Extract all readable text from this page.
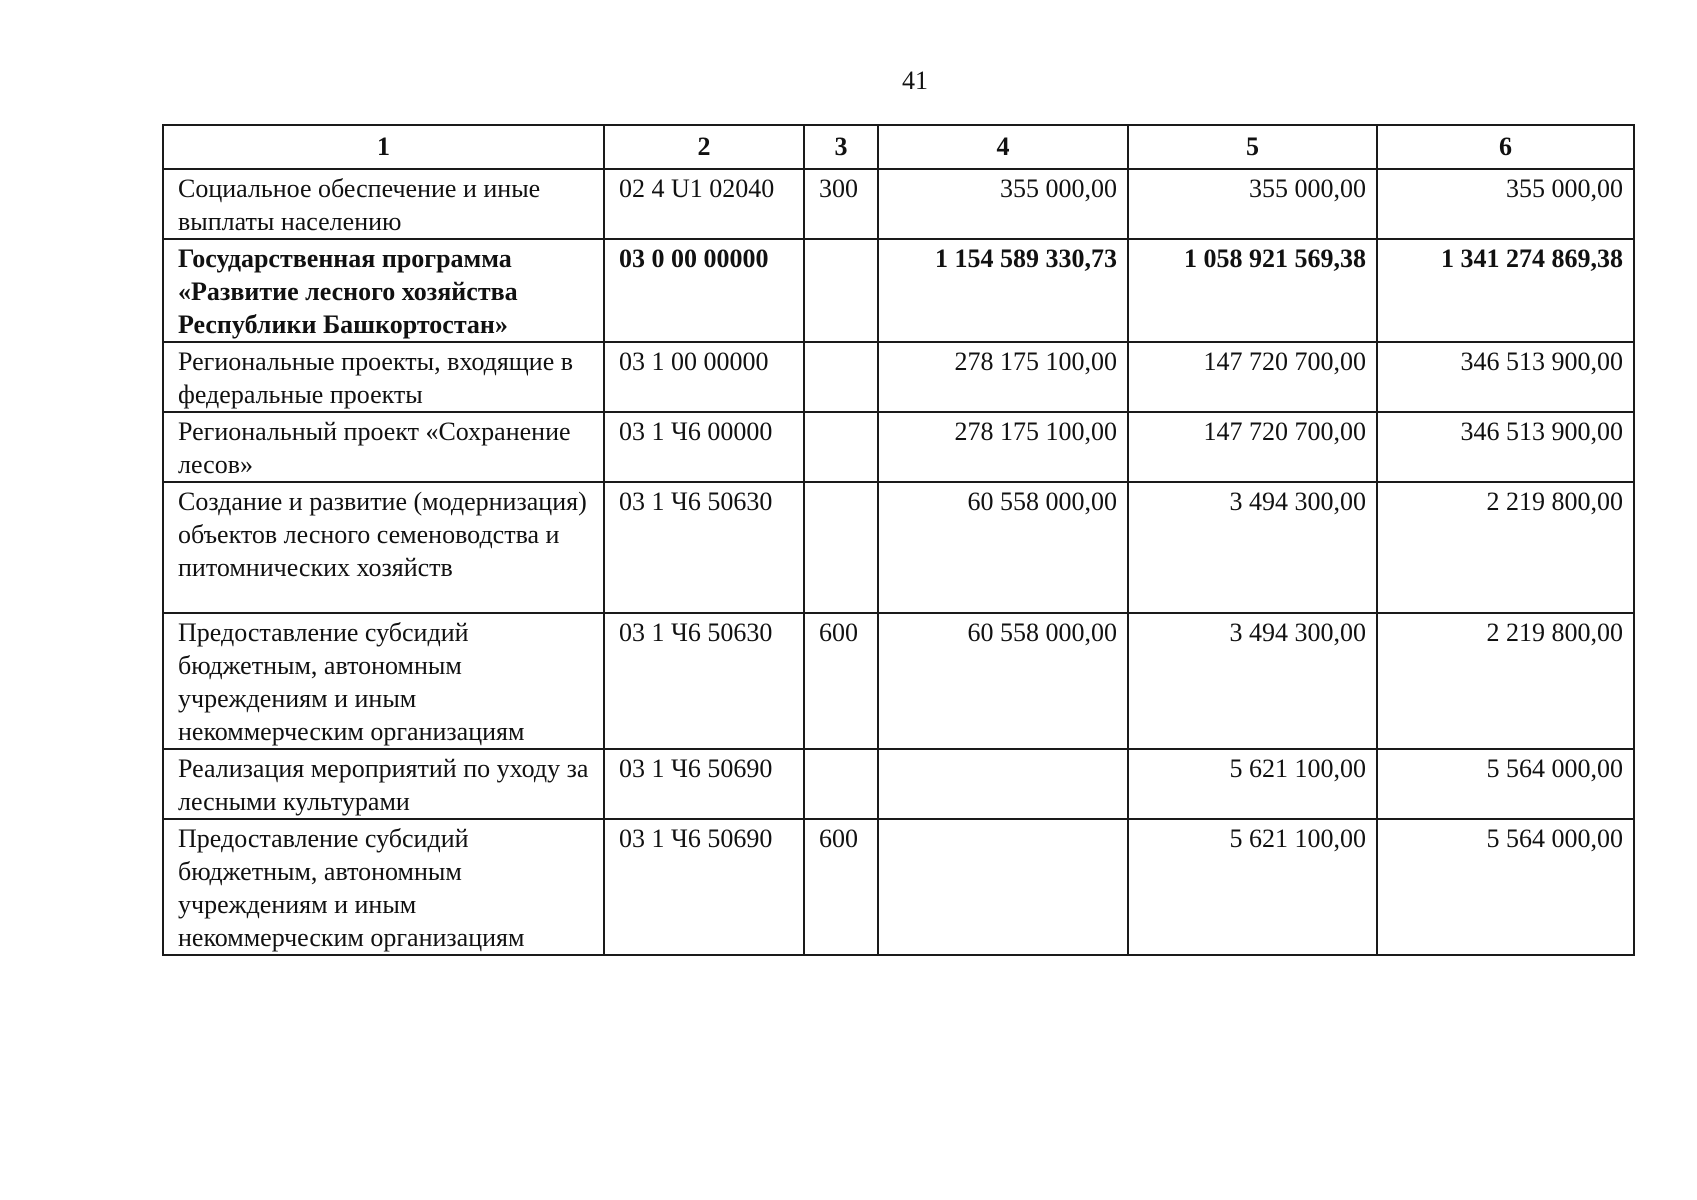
41
1	2	3	4	5	6
Социальное обеспечение и иные выплаты населению	02 4 U1 02040	300	355 000,00	355 000,00	355 000,00
Государственная программа «Развитие лесного хозяйства Республики Башкортостан»	03 0 00 00000		1 154 589 330,73	1 058 921 569,38	1 341 274 869,38
Региональные проекты, входящие в федеральные проекты	03 1 00 00000		278 175 100,00	147 720 700,00	346 513 900,00
Региональный проект «Сохранение лесов»	03 1 Ч6 00000		278 175 100,00	147 720 700,00	346 513 900,00
Создание и развитие (модернизация) объектов лесного семеноводства и питомнических хозяйств	03 1 Ч6 50630		60 558 000,00	3 494 300,00	2 219 800,00
Предоставление субсидий бюджетным, автономным учреждениям и иным некоммерческим организациям	03 1 Ч6 50630	600	60 558 000,00	3 494 300,00	2 219 800,00
Реализация мероприятий по уходу за лесными культурами	03 1 Ч6 50690			5 621 100,00	5 564 000,00
Предоставление субсидий бюджетным, автономным учреждениям и иным некоммерческим организациям	03 1 Ч6 50690	600		5 621 100,00	5 564 000,00
